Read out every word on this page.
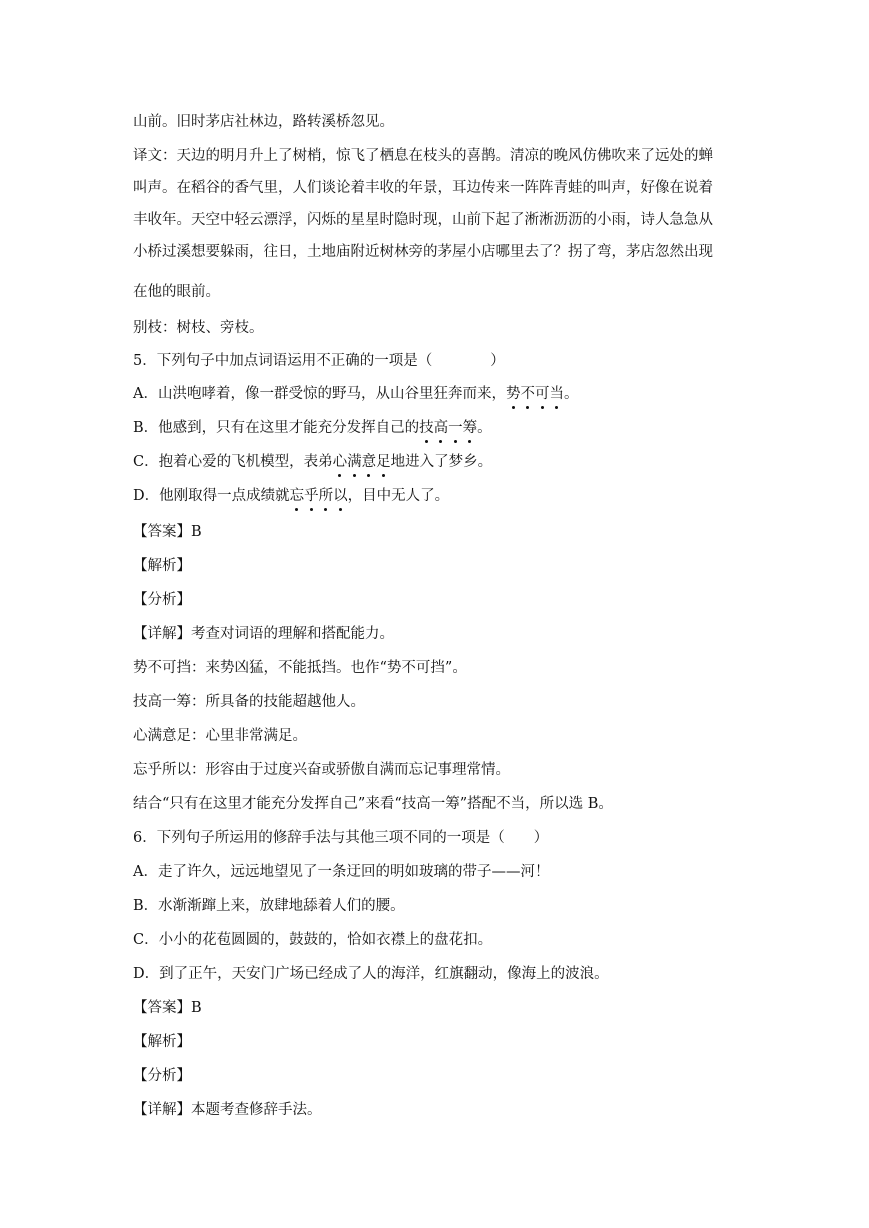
山前。旧时茅店社林边，路转溪桥忽见。
译文：天边的明月升上了树梢，惊飞了栖息在枝头的喜鹊。清凉的晚风仿佛吹来了远处的蝉
叫声。在稻谷的香气里，人们谈论着丰收的年景，耳边传来一阵阵青蛙的叫声，好像在说着
丰收年。天空中轻云漂浮，闪烁的星星时隐时现，山前下起了淅淅沥沥的小雨，诗人急急从
小桥过溪想要躲雨，往日，土地庙附近树林旁的茅屋小店哪里去了？拐了弯，茅店忽然出现
在他的眼前。
别枝：树枝、旁枝。
5．下列句子中加点词语运用不正确的一项是（　　　　）
A．山洪咆哮着，像一群受惊的野马，从山谷里狂奔而来，势不可当。
B．他感到，只有在这里才能充分发挥自己的技高一筹。
C．抱着心爱的飞机模型，表弟心满意足地进入了梦乡。
D．他刚取得一点成绩就忘乎所以，目中无人了。
【答案】B
【解析】
【分析】
【详解】考查对词语的理解和搭配能力。
势不可挡：来势凶猛，不能抵挡。也作“势不可挡”。
技高一筹：所具备的技能超越他人。
心满意足：心里非常满足。
忘乎所以：形容由于过度兴奋或骄傲自满而忘记事理常情。
结合“只有在这里才能充分发挥自己”来看“技高一筹”搭配不当，所以选 B。
6．下列句子所运用的修辞手法与其他三项不同的一项是（　　）
A．走了许久，远远地望见了一条迂回的明如玻璃的带子——河！
B．水渐渐蹿上来，放肆地舔着人们的腰。
C．小小的花苞圆圆的，鼓鼓的，恰如衣襟上的盘花扣。
D．到了正午，天安门广场已经成了人的海洋，红旗翻动，像海上的波浪。
【答案】B
【解析】
【分析】
【详解】本题考查修辞手法。
